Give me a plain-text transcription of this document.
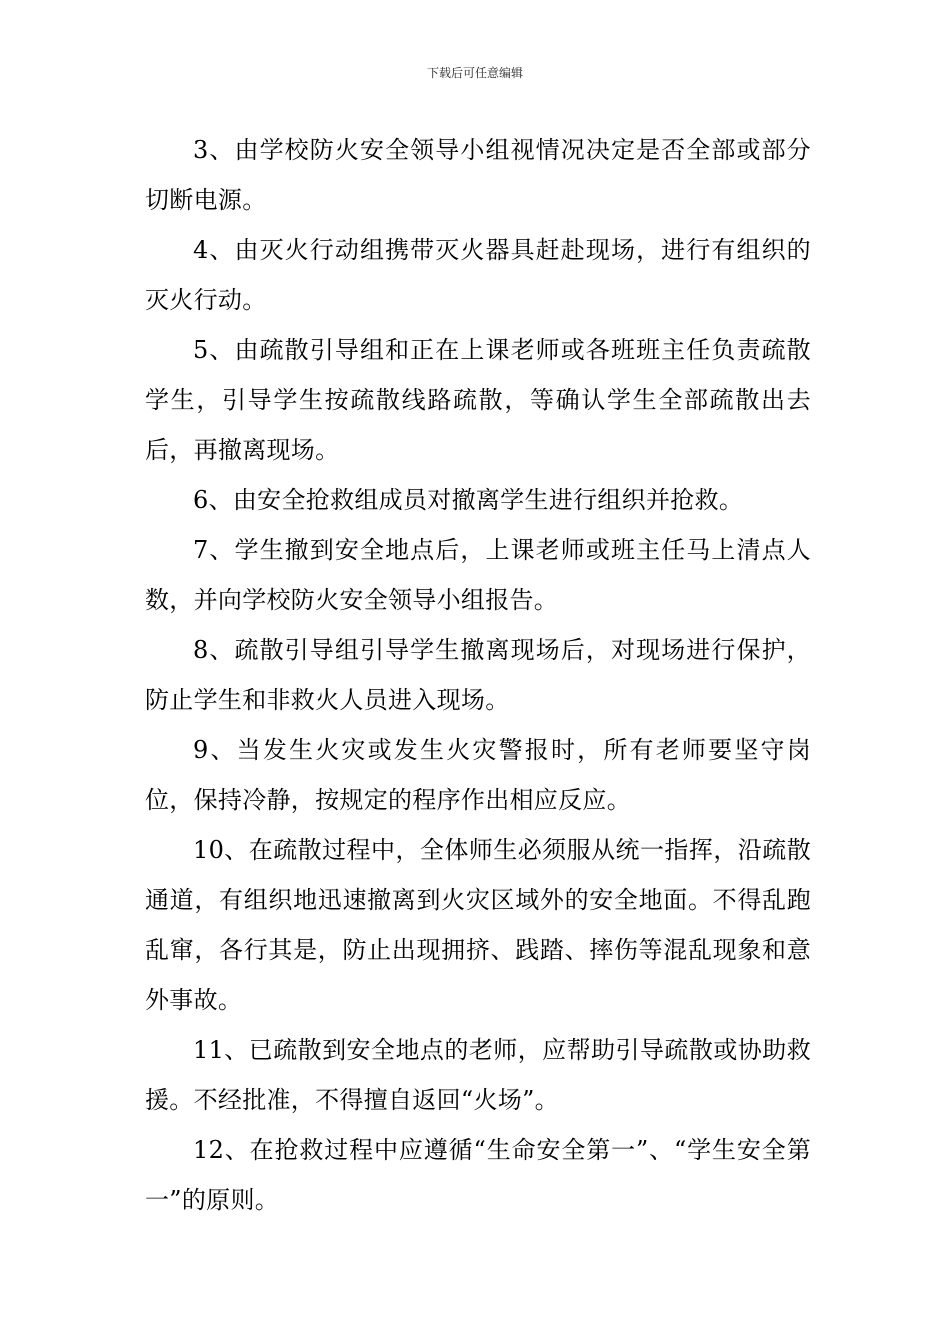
下载后可任意编辑

3、由学校防火安全领导小组视情况决定是否全部或部分切断电源。

4、由灭火行动组携带灭火器具赶赴现场，进行有组织的灭火行动。

5、由疏散引导组和正在上课老师或各班班主任负责疏散学生，引导学生按疏散线路疏散，等确认学生全部疏散出去后，再撤离现场。

6、由安全抢救组成员对撤离学生进行组织并抢救。

7、学生撤到安全地点后，上课老师或班主任马上清点人数，并向学校防火安全领导小组报告。

8、疏散引导组引导学生撤离现场后，对现场进行保护，防止学生和非救火人员进入现场。

9、当发生火灾或发生火灾警报时，所有老师要坚守岗位，保持冷静，按规定的程序作出相应反应。

10、在疏散过程中，全体师生必须服从统一指挥，沿疏散通道，有组织地迅速撤离到火灾区域外的安全地面。不得乱跑乱窜，各行其是，防止出现拥挤、践踏、摔伤等混乱现象和意外事故。

11、已疏散到安全地点的老师，应帮助引导疏散或协助救援。不经批准，不得擅自返回“火场”。

12、在抢救过程中应遵循“生命安全第一”、“学生安全第一”的原则。
